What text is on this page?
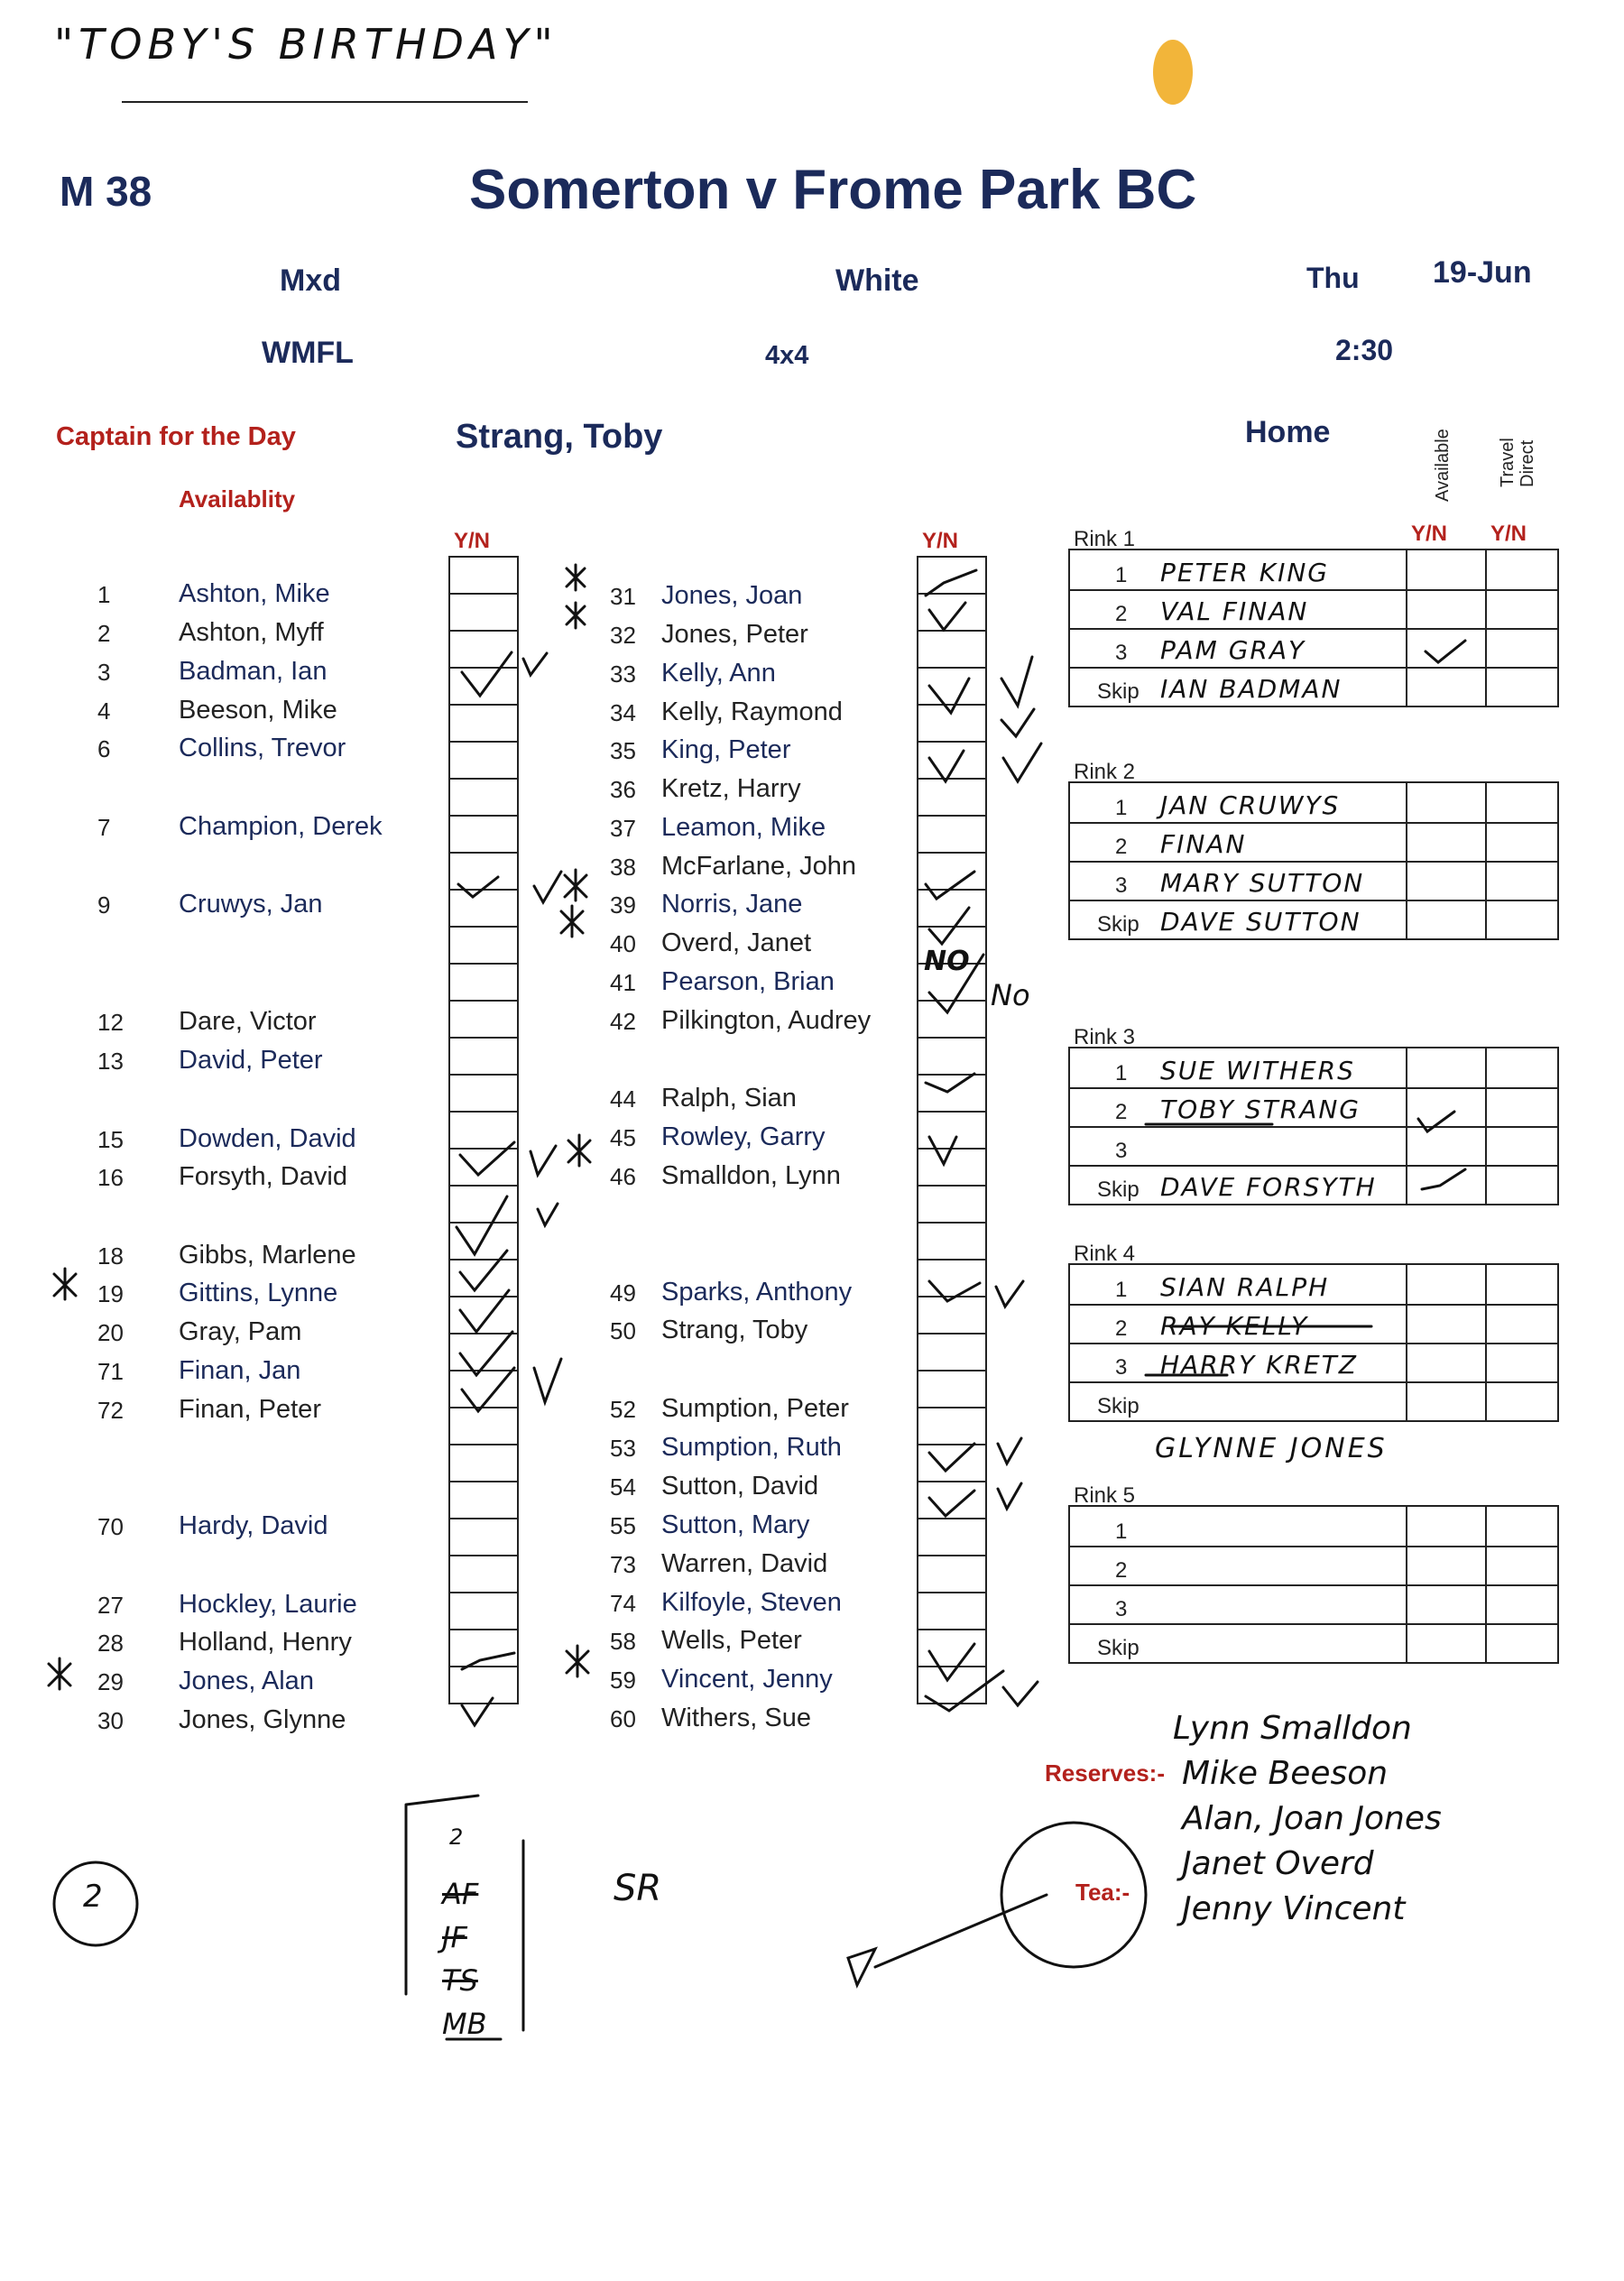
"TOBY'S BIRTHDAY"
M 38	Somerton v Frome Park BC
Mxd	White	Thu 19-Jun
WMFL	4x4	2:30
Captain for the Day	Strang, Toby	Home
Availablity	Available	Travel Direct
Y/N	Y/N	Y/N Y/N
1	Ashton, Mike
2	Ashton, Myff
3	Badman, Ian
4	Beeson, Mike
6	Collins, Trevor
7	Champion, Derek
9	Cruwys, Jan
12 Dare, Victor
13 David, Peter
15 Dowden, David
16 Forsyth, David
18 Gibbs, Marlene
19 Gittins, Lynne
20 Gray, Pam
71 Finan, Jan
72 Finan, Peter
70 Hardy, David
27 Hockley, Laurie
28 Holland, Henry
29 Jones, Alan
30 Jones, Glynne
31 Jones, Joan
32 Jones, Peter
33 Kelly, Ann
34 Kelly, Raymond
35 King, Peter
36 Kretz, Harry
37 Leamon, Mike
38 McFarlane, John
39 Norris, Jane
40 Overd, Janet
41 Pearson, Brian
42 Pilkington, Audrey
44 Ralph, Sian
45 Rowley, Garry
46 Smalldon, Lynn
49 Sparks, Anthony
50 Strang, Toby
52 Sumption, Peter
53 Sumption, Ruth
54 Sutton, David
55 Sutton, Mary
73 Warren, David
74 Kilfoyle, Steven
58 Wells, Peter
59 Vincent, Jenny
60 Withers, Sue
Rink 1
1 PETER KING
2 VAL FINAN
3 PAM GRAY
Skip IAN BADMAN
Rink 2
1 JAN CRUWYS
2 FINAN
3 MARY SUTTON
Skip DAVE SUTTON
Rink 3
1 SUE WITHERS
2 TOBY STRANG
3
Skip DAVE FORSYTH
Rink 4
1 SIAN RALPH
2 RAY KELLY
3 HARRY KRETZ
Skip
Rink 5
1
2
3
Skip
GLYNNE JONES
NO
No
Reserves:-
Tea:-
Lynn Smalldon
Mike Beeson
Alan, Joan Jones
Janet Overd
Jenny Vincent
2
2
AF
JF
TS
MB
SR
